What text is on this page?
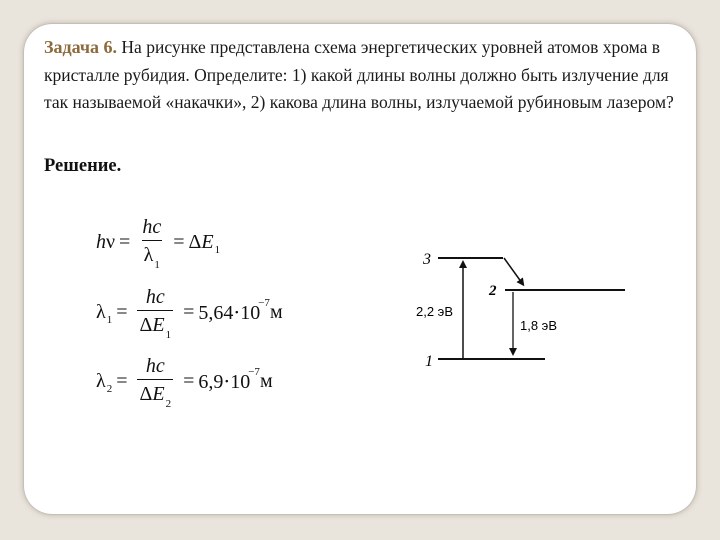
Задача 6. На рисунке представлена схема энергетических уровней атомов хрома в кристалле рубидия. Определите: 1) какой длины волны должно быть излучение для так называемой «накачки», 2) какова длина волны, излучаемой рубиновым лазером?

Решение.

h $\nu = \frac{hc}{\lambda_1} = \Delta$ E 1
λ $1 = \frac{hc}{\Delta E_1} = 5,64\cdot 10$
−7 м
λ $2 = \frac{hc}{\Delta E_2} = 6,9\cdot 10$
−7 м
3
2
1
2,2 эВ
1,8 эВ
